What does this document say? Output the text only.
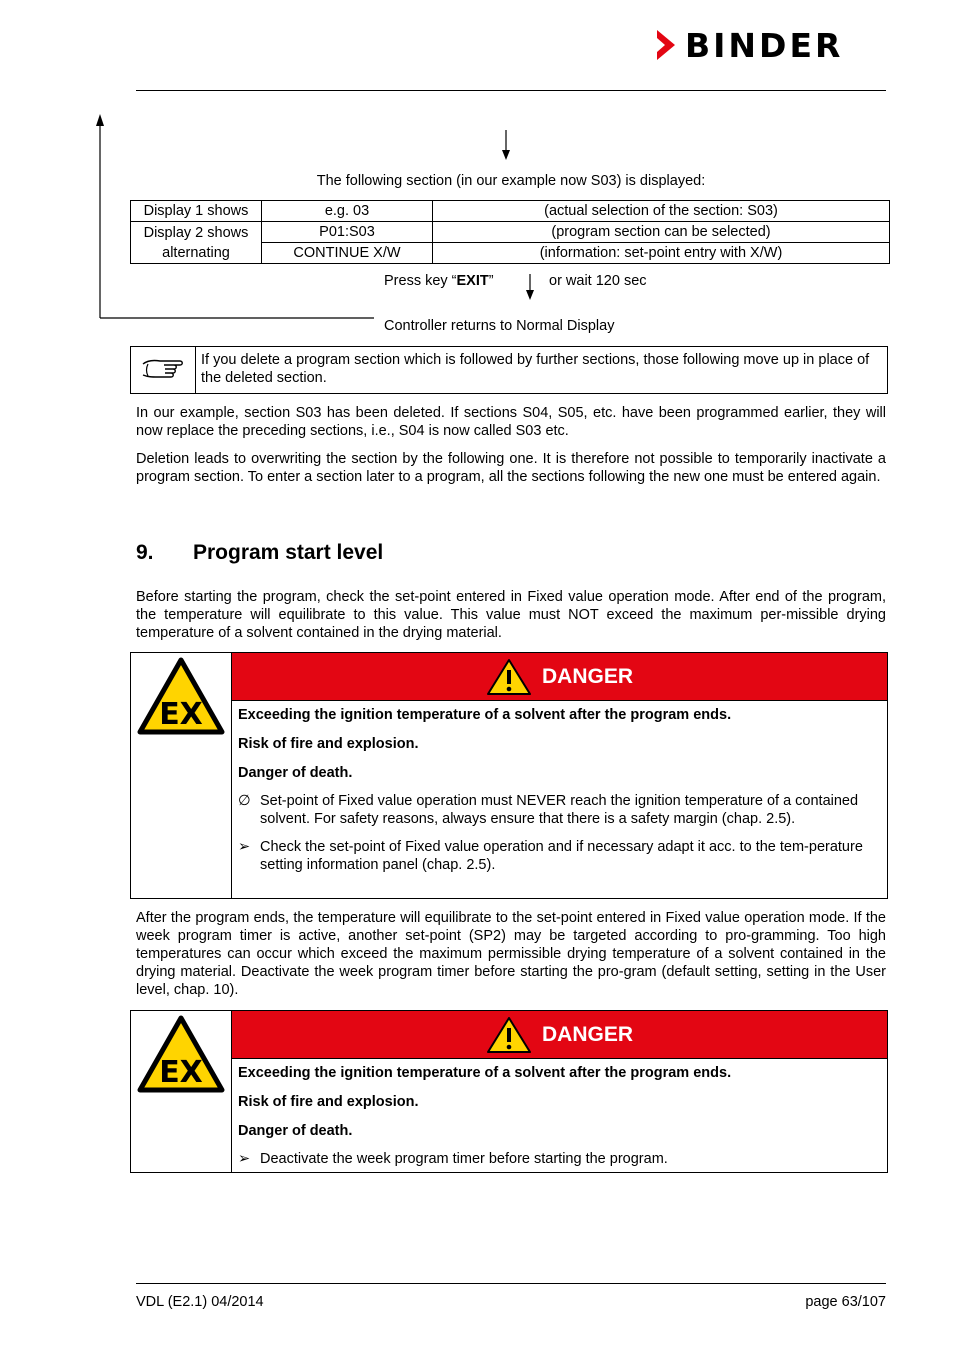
BINDER
The following section (in our example now S03) is displayed:
Display 1 shows	e.g. 03	(actual selection of the section: S03)
Display 2 shows alternating	P01:S03	(program section can be selected)
	CONTINUE X/W	(information: set-point entry with X/W)
Press key “EXIT”	or wait 120 sec
Controller returns to Normal Display
If you delete a program section which is followed by further sections, those following move up in place of the deleted section.

In our example, section S03 has been deleted. If sections S04, S05, etc. have been programmed earlier, they will now replace the preceding sections, i.e., S04 is now called S03 etc.

Deletion leads to overwriting the section by the following one. It is therefore not possible to temporarily inactivate a program section. To enter a section later to a program, all the sections following the new one must be entered again.

9. Program start level

Before starting the program, check the set-point entered in Fixed value operation mode. After end of the program, the temperature will equilibrate to this value. This value must NOT exceed the maximum per-missible drying temperature of a solvent contained in the drying material.

EX
DANGER
Exceeding the ignition temperature of a solvent after the program ends.
Risk of fire and explosion.
Danger of death.
∅ Set-point of Fixed value operation must NEVER reach the ignition temperature of a contained solvent. For safety reasons, always ensure that there is a safety margin (chap. 2.5).
➢ Check the set-point of Fixed value operation and if necessary adapt it acc. to the tem-perature setting information panel (chap. 2.5).

After the program ends, the temperature will equilibrate to the set-point entered in Fixed value operation mode. If the week program timer is active, another set-point (SP2) may be targeted according to pro-gramming. Too high temperatures can occur which exceed the maximum permissible drying temperature of a solvent contained in the drying material. Deactivate the week program timer before starting the pro-gram (default setting, setting in the User level, chap. 10).

EX
DANGER
Exceeding the ignition temperature of a solvent after the program ends.
Risk of fire and explosion.
Danger of death.
➢ Deactivate the week program timer before starting the program.
VDL (E2.1) 04/2014	page 63/107
